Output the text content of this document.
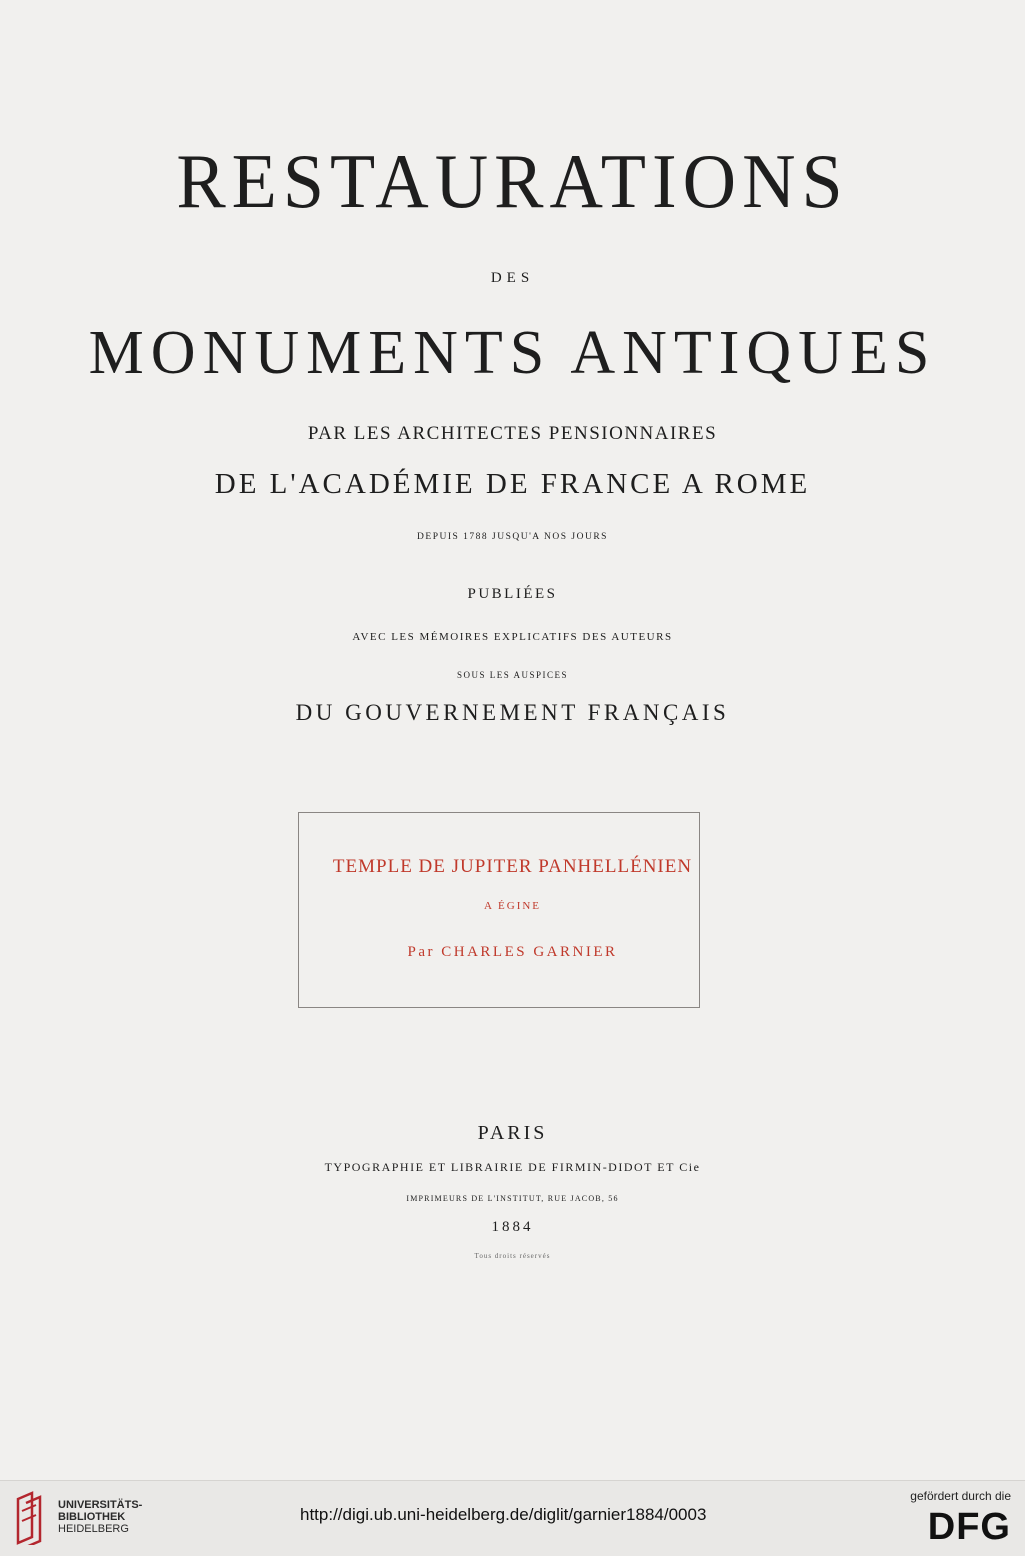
RESTAURATIONS
DES
MONUMENTS ANTIQUES
PAR LES ARCHITECTES PENSIONNAIRES
DE L'ACADÉMIE DE FRANCE A ROME
DEPUIS 1788 JUSQU'A NOS JOURS
PUBLIÉES
AVEC LES MÉMOIRES EXPLICATIFS DES AUTEURS
SOUS LES AUSPICES
DU GOUVERNEMENT FRANÇAIS
TEMPLE DE JUPITER PANHELLÉNIEN
A ÉGINE
Par CHARLES GARNIER
PARIS
TYPOGRAPHIE ET LIBRAIRIE DE FIRMIN-DIDOT ET Cie
IMPRIMEURS DE L'INSTITUT, RUE JACOB, 56
1884
Tous droits réservés
UNIVERSITÄTS-
BIBLIOTHEK
HEIDELBERG
http://digi.ub.uni-heidelberg.de/diglit/garnier1884/0003
gefördert durch die
DFG
